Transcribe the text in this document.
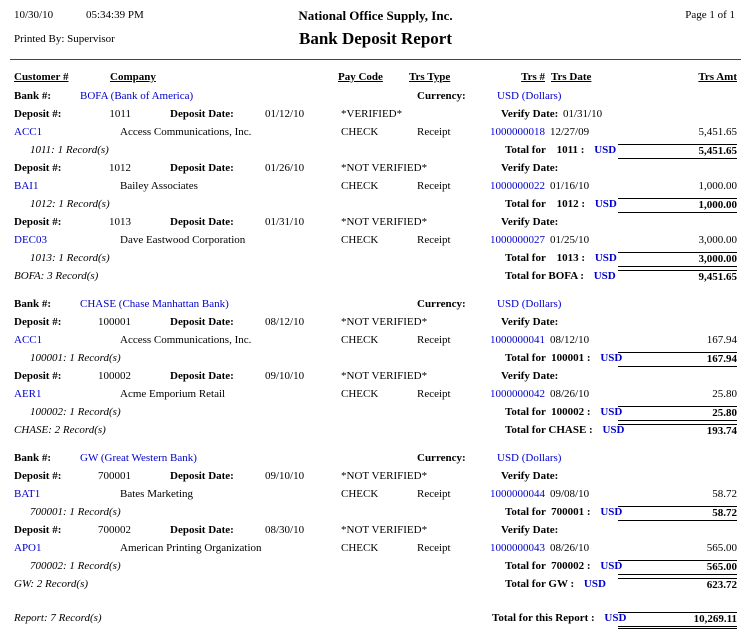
10/30/10	05:34:39 PM	National Office Supply, Inc.	Page 1 of 1
Printed By: Supervisor	Bank Deposit Report
Customer #	Company	Pay Code Trs Type	Trs # Trs Date	Trs Amt
Bank #:	BOFA (Bank of America)	Currency:	USD (Dollars)
Deposit #:	1011	Deposit Date:	01/12/10	*VERIFIED*	Verify Date: 01/31/10
ACC1	Access Communications, Inc.	CHECK	Receipt	1000000018 12/27/09	5,451.65
1011: 1 Record(s)	Total for    1011 : USD	5,451.65
Deposit #:	1012	Deposit Date:	01/26/10	*NOT VERIFIED*	Verify Date:
BAI1	Bailey Associates	CHECK	Receipt	1000000022 01/16/10	1,000.00
1012: 1 Record(s)	Total for    1012 : USD	1,000.00
Deposit #:	1013	Deposit Date:	01/31/10	*NOT VERIFIED*	Verify Date:
DEC03	Dave Eastwood Corporation	CHECK	Receipt	1000000027 01/25/10	3,000.00
1013: 1 Record(s)	Total for    1013 : USD	3,000.00
BOFA: 3 Record(s)	Total for BOFA : USD	9,451.65
Bank #:	CHASE (Chase Manhattan Bank)	Currency:	USD (Dollars)
Deposit #:	100001	Deposit Date:	08/12/10	*NOT VERIFIED*	Verify Date:
ACC1	Access Communications, Inc.	CHECK	Receipt	1000000041 08/12/10	167.94
100001: 1 Record(s)	Total for  100001 : USD	167.94
Deposit #:	100002	Deposit Date:	09/10/10	*NOT VERIFIED*	Verify Date:
AER1	Acme Emporium Retail	CHECK	Receipt	1000000042 08/26/10	25.80
100002: 1 Record(s)	Total for  100002 : USD	25.80
CHASE: 2 Record(s)	Total for CHASE : USD	193.74
Bank #:	GW (Great Western Bank)	Currency:	USD (Dollars)
Deposit #:	700001	Deposit Date:	09/10/10	*NOT VERIFIED*	Verify Date:
BAT1	Bates Marketing	CHECK	Receipt	1000000044 09/08/10	58.72
700001: 1 Record(s)	Total for  700001 : USD	58.72
Deposit #:	700002	Deposit Date:	08/30/10	*NOT VERIFIED*	Verify Date:
APO1	American Printing Organization	CHECK	Receipt	1000000043 08/26/10	565.00
700002: 1 Record(s)	Total for  700002 : USD	565.00
GW: 2 Record(s)	Total for GW : USD	623.72
Report: 7 Record(s)	Total for this Report : USD	10,269.11
